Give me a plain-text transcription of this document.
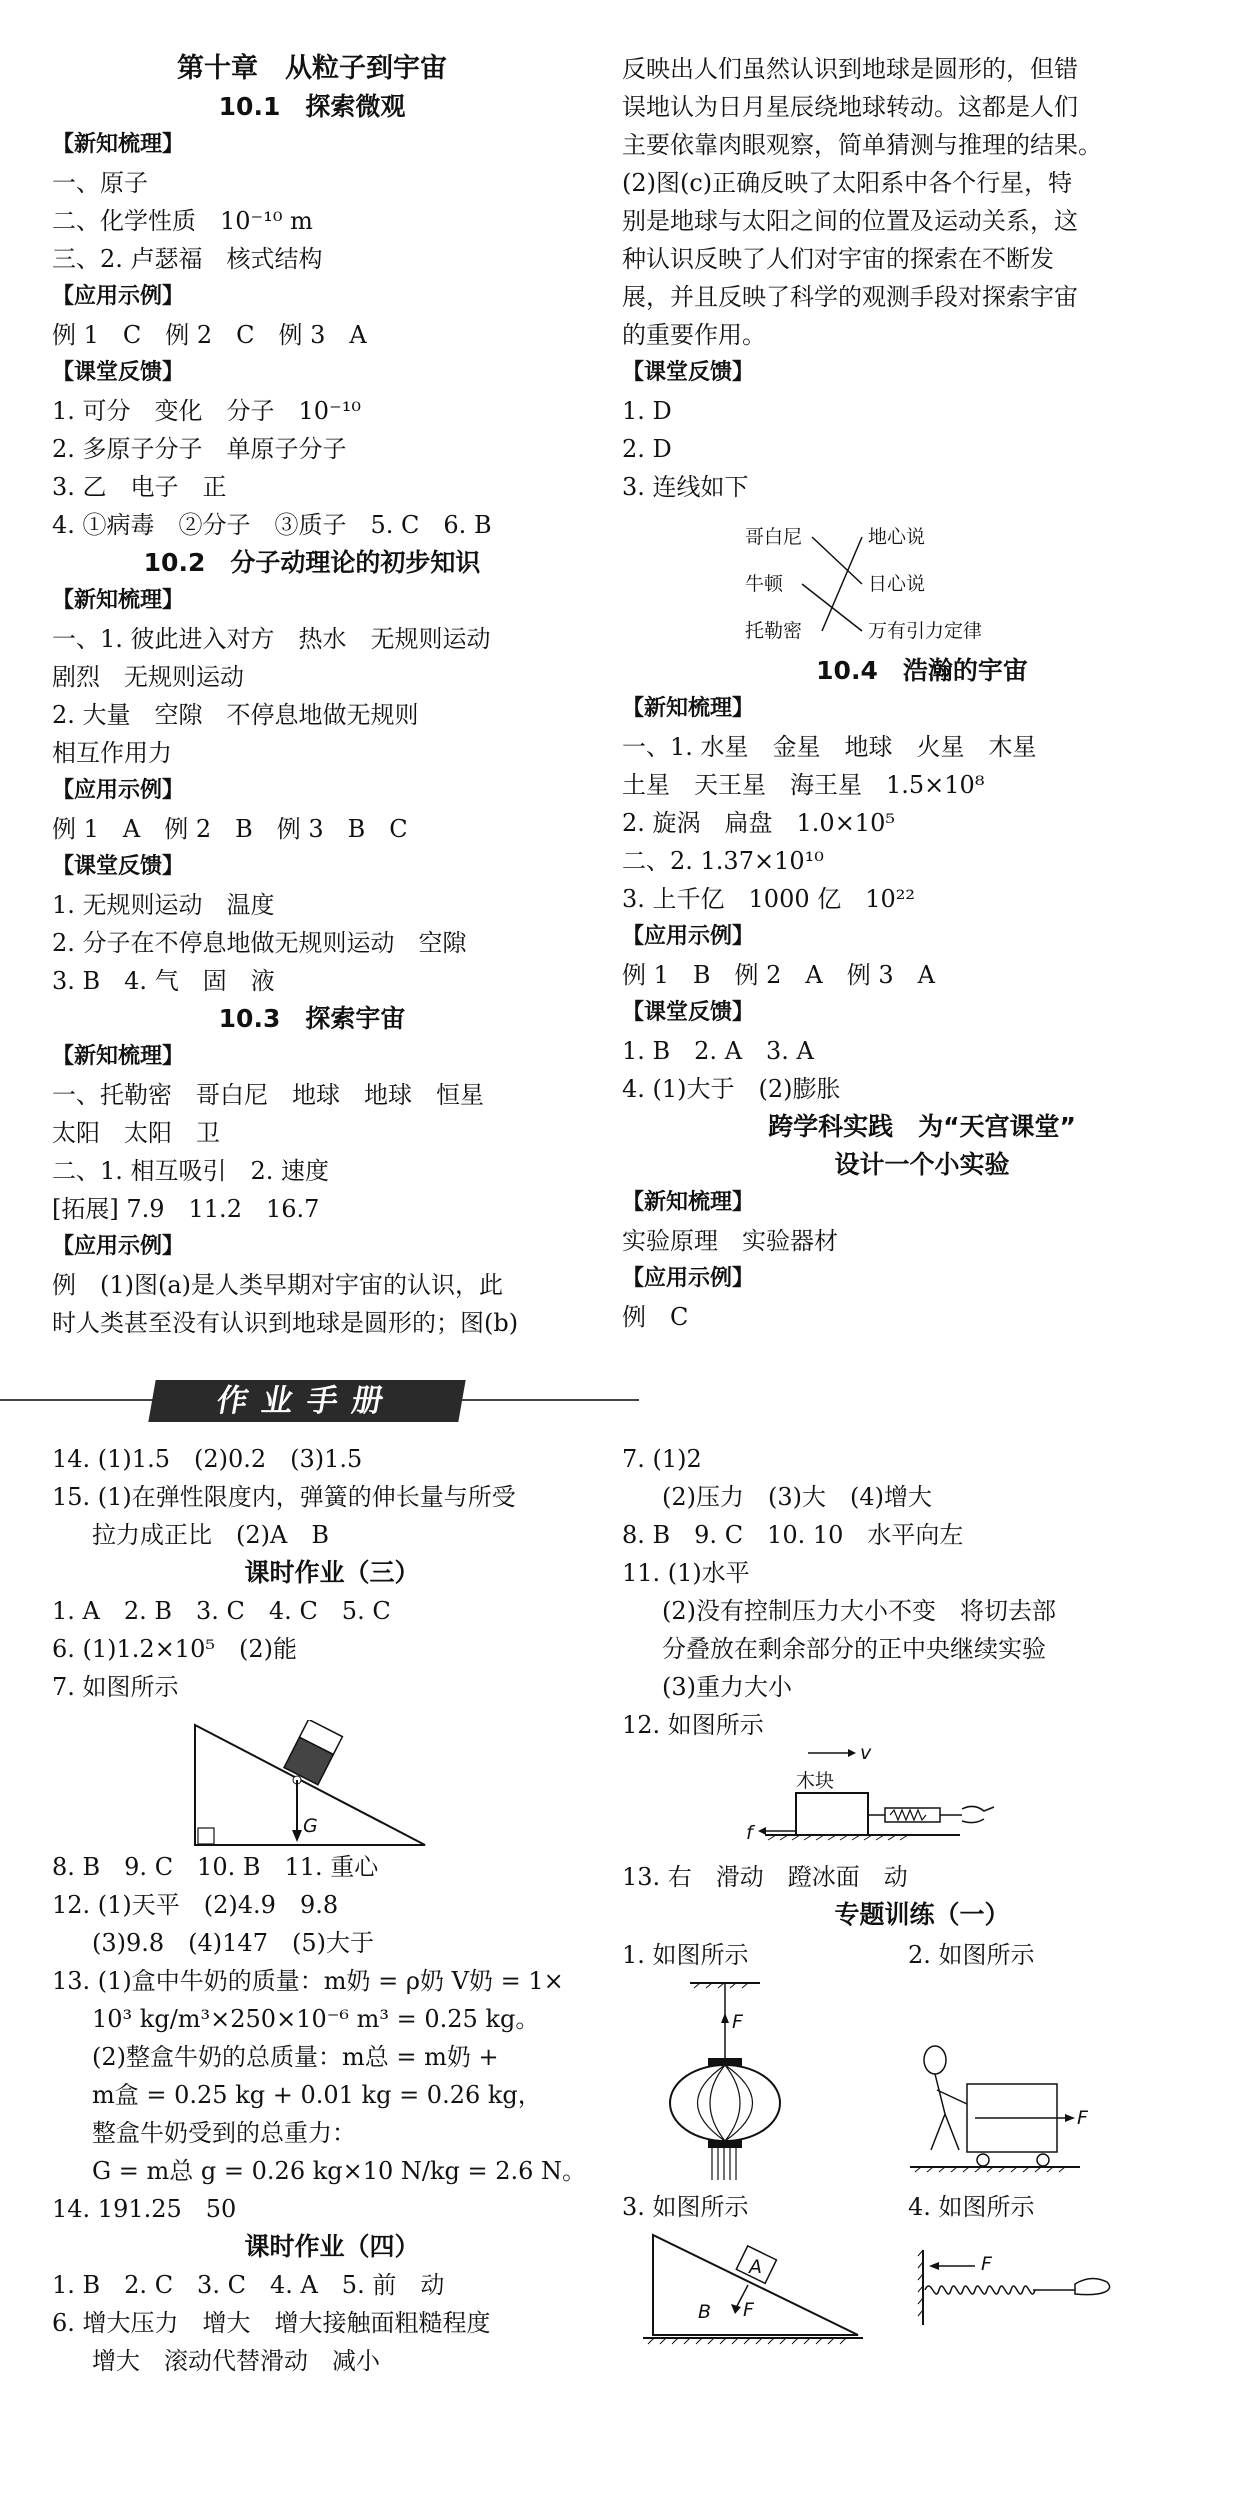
第十章　从粒子到宇宙
10.1　探索微观
【新知梳理】
一、原子
二、化学性质　10⁻¹⁰ m
三、2. 卢瑟福　核式结构
【应用示例】
例 1　C　例 2　C　例 3　A
【课堂反馈】
1. 可分　变化　分子　10⁻¹⁰
2. 多原子分子　单原子分子
3. 乙　电子　正
4. ①病毒　②分子　③质子　5. C　6. B
10.2　分子动理论的初步知识
【新知梳理】
一、1. 彼此进入对方　热水　无规则运动
剧烈　无规则运动
2. 大量　空隙　不停息地做无规则
相互作用力
【应用示例】
例 1　A　例 2　B　例 3　B　C
【课堂反馈】
1. 无规则运动　温度
2. 分子在不停息地做无规则运动　空隙
3. B　4. 气　固　液
10.3　探索宇宙
【新知梳理】
一、托勒密　哥白尼　地球　地球　恒星
太阳　太阳　卫
二、1. 相互吸引　2. 速度
[拓展] 7.9　11.2　16.7
【应用示例】
例　(1)图(a)是人类早期对宇宙的认识，此
时人类甚至没有认识到地球是圆形的；图(b)
反映出人们虽然认识到地球是圆形的，但错
误地认为日月星辰绕地球转动。这都是人们
主要依靠肉眼观察，简单猜测与推理的结果。
(2)图(c)正确反映了太阳系中各个行星，特
别是地球与太阳之间的位置及运动关系，这
种认识反映了人们对宇宙的探索在不断发
展，并且反映了科学的观测手段对探索宇宙
的重要作用。
【课堂反馈】
1. D
2. D
3. 连线如下
哥白尼
牛顿
托勒密
地心说
日心说
万有引力定律
10.4　浩瀚的宇宙
【新知梳理】
一、1. 水星　金星　地球　火星　木星
土星　天王星　海王星　1.5×10⁸
2. 旋涡　扁盘　1.0×10⁵
二、2. 1.37×10¹⁰
3. 上千亿　1000 亿　10²²
【应用示例】
例 1　B　例 2　A　例 3　A
【课堂反馈】
1. B　2. A　3. A
4. (1)大于　(2)膨胀
跨学科实践　为“天宫课堂”
设计一个小实验
【新知梳理】
实验原理　实验器材
【应用示例】
例　C
作业手册
14. (1)1.5　(2)0.2　(3)1.5
15. (1)在弹性限度内，弹簧的伸长量与所受
拉力成正比　(2)A　B
课时作业（三）
1. A　2. B　3. C　4. C　5. C
6. (1)1.2×10⁵　(2)能
7. 如图所示
G
8. B　9. C　10. B　11. 重心
12. (1)天平　(2)4.9　9.8
(3)9.8　(4)147　(5)大于
13. (1)盒中牛奶的质量：m奶 = ρ奶 V奶 = 1×
10³ kg/m³×250×10⁻⁶ m³ = 0.25 kg。
(2)整盒牛奶的总质量：m总 = m奶 +
m盒 = 0.25 kg + 0.01 kg = 0.26 kg，
整盒牛奶受到的总重力：
G = m总 g = 0.26 kg×10 N/kg = 2.6 N。
14. 191.25　50
课时作业（四）
1. B　2. C　3. C　4. A　5. 前　动
6. 增大压力　增大　增大接触面粗糙程度
增大　滚动代替滑动　减小
7. (1)2
(2)压力　(3)大　(4)增大
8. B　9. C　10. 10　水平向左
11. (1)水平
(2)没有控制压力大小不变　将切去部
分叠放在剩余部分的正中央继续实验
(3)重力大小
12. 如图所示
v
木块
f
13. 右　滑动　蹬冰面　动
专题训练（一）
1. 如图所示	2. 如图所示
3. 如图所示	4. 如图所示
F
F
A
B F
F
